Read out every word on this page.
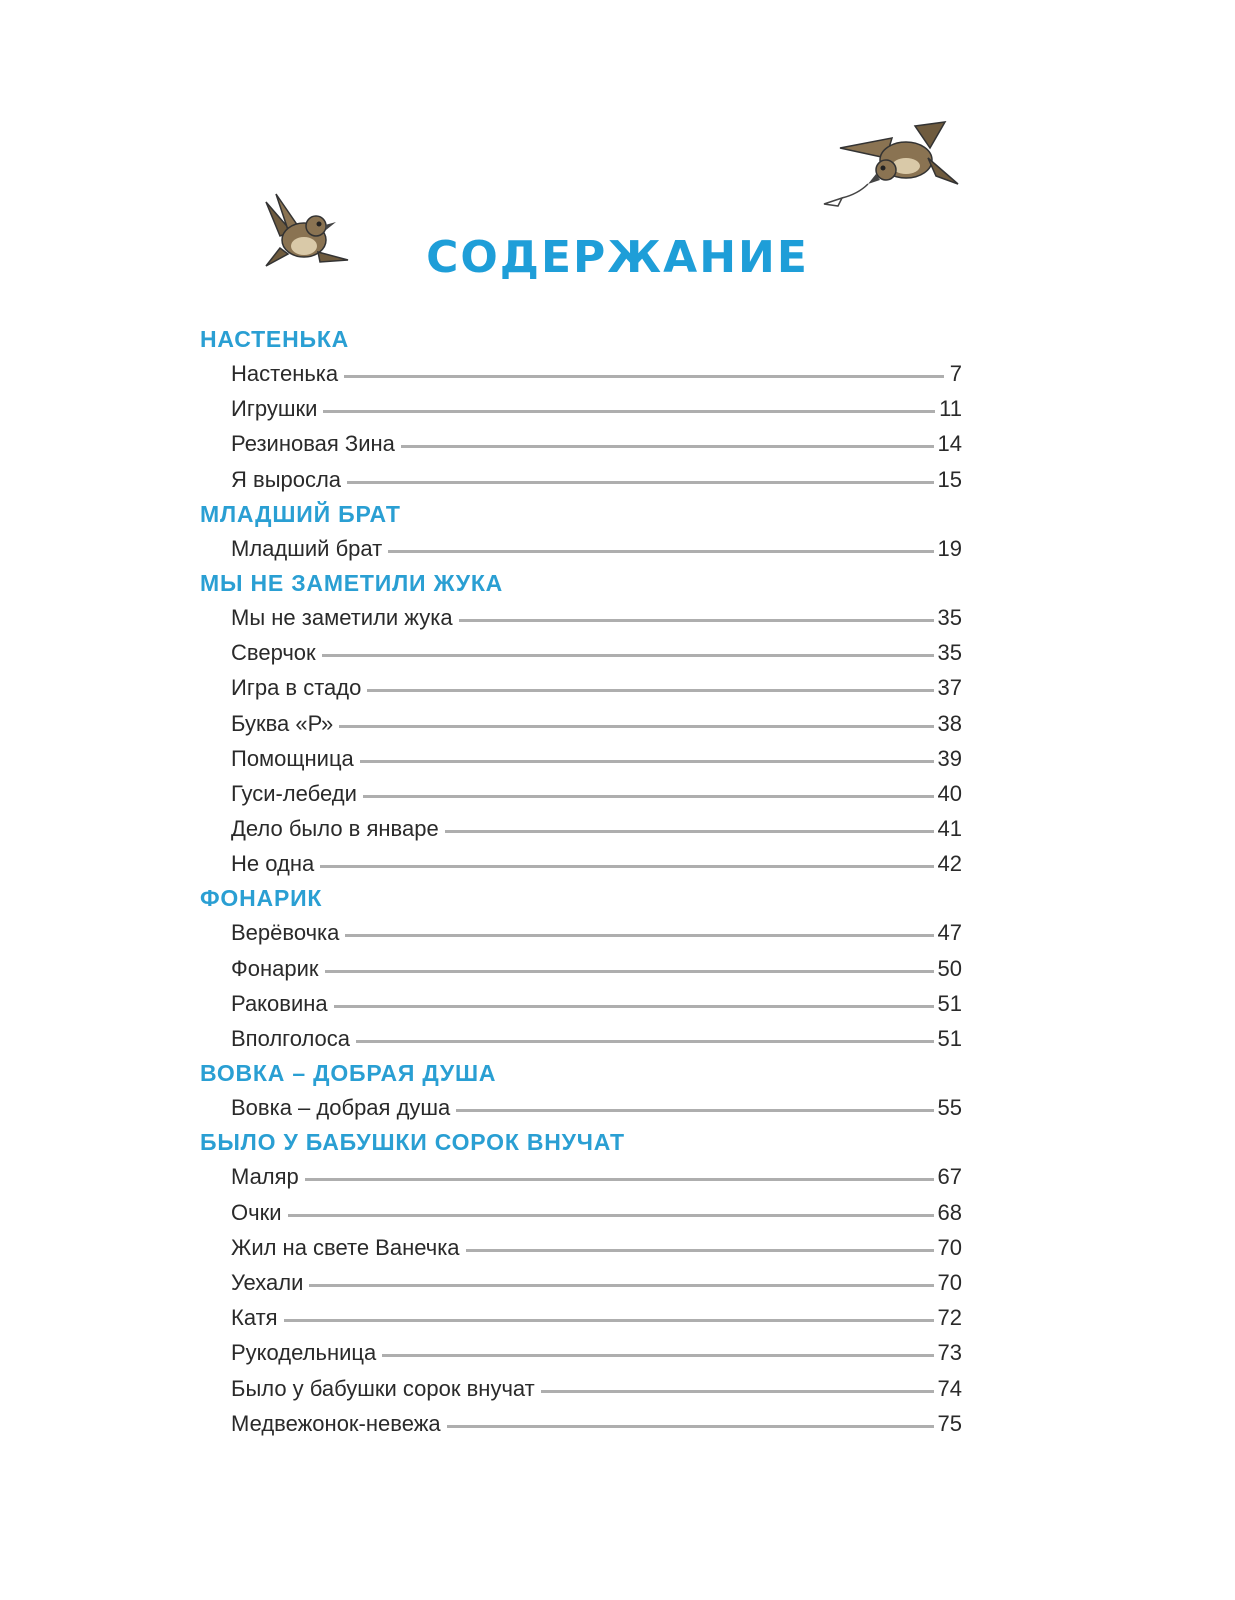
СОДЕРЖАНИЕ
НАСТЕНЬКА
Настенька	7
Игрушки	11
Резиновая Зина	14
Я выросла	15
МЛАДШИЙ БРАТ
Младший брат	19
МЫ НЕ ЗАМЕТИЛИ ЖУКА
Мы не заметили жука	35
Сверчок	35
Игра в стадо	37
Буква «Р»	38
Помощница	39
Гуси-лебеди	40
Дело было в январе	41
Не одна	42
ФОНАРИК
Верёвочка	47
Фонарик	50
Раковина	51
Вполголоса	51
ВОВКА – ДОБРАЯ ДУША
Вовка – добрая душа	55
БЫЛО У БАБУШКИ СОРОК ВНУЧАТ
Маляр	67
Очки	68
Жил на свете Ванечка	70
Уехали	70
Катя	72
Рукодельница	73
Было у бабушки сорок внучат	74
Медвежонок-невежа	75
